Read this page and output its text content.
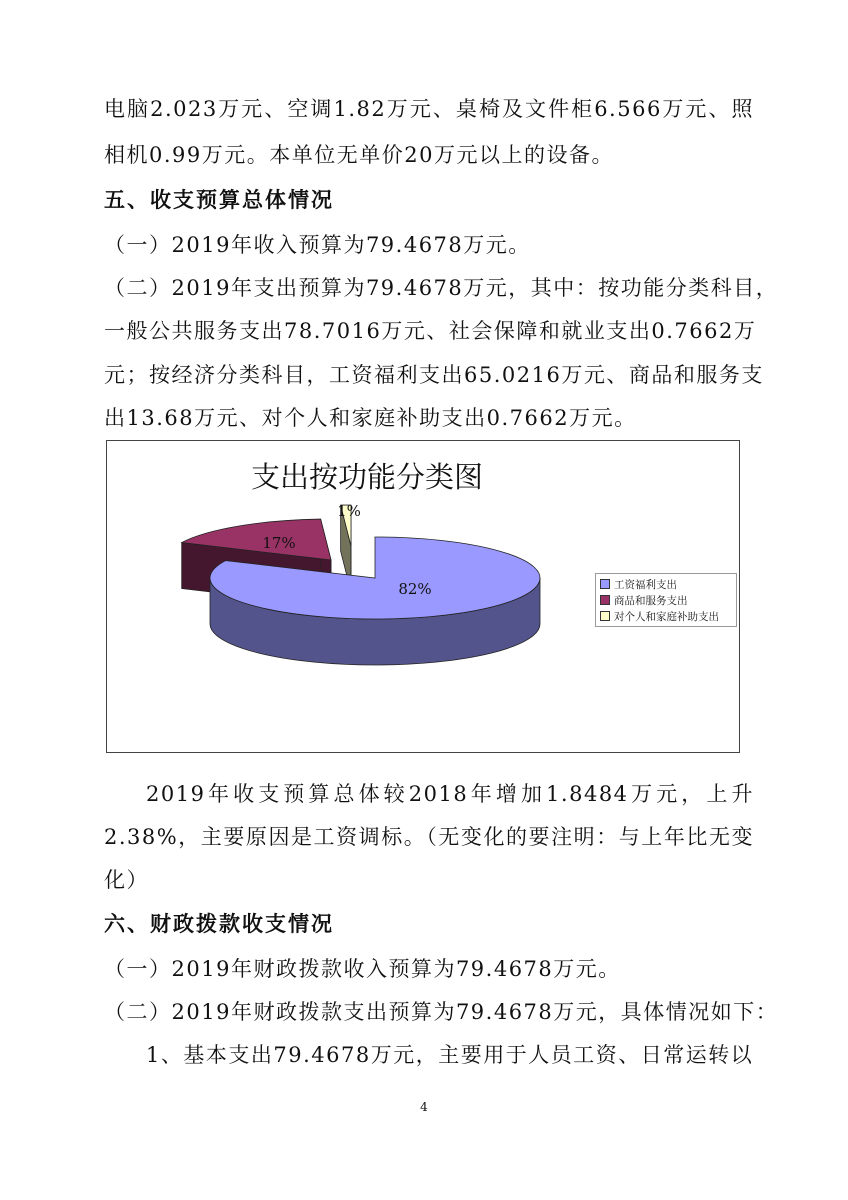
电脑2.023万元、空调1.82万元、桌椅及文件柜6.566万元、照
相机0.99万元。本单位无单价20万元以上的设备。
五、收支预算总体情况
（一）2019年收入预算为79.4678万元。
（二）2019年支出预算为79.4678万元，其中：按功能分类科目，
一般公共服务支出78.7016万元、社会保障和就业支出0.7662万
元；按经济分类科目，工资福利支出65.0216万元、商品和服务支
出13.68万元、对个人和家庭补助支出0.7662万元。
支出按功能分类图
82%
17%
1%
工资福利支出
商品和服务支出
对个人和家庭补助支出
2019年收支预算总体较2018年增加1.8484万元，上升
2.38%，主要原因是工资调标。（无变化的要注明：与上年比无变
化）
六、财政拨款收支情况
（一）2019年财政拨款收入预算为79.4678万元。
（二）2019年财政拨款支出预算为79.4678万元，具体情况如下：
1、基本支出79.4678万元，主要用于人员工资、日常运转以
4
